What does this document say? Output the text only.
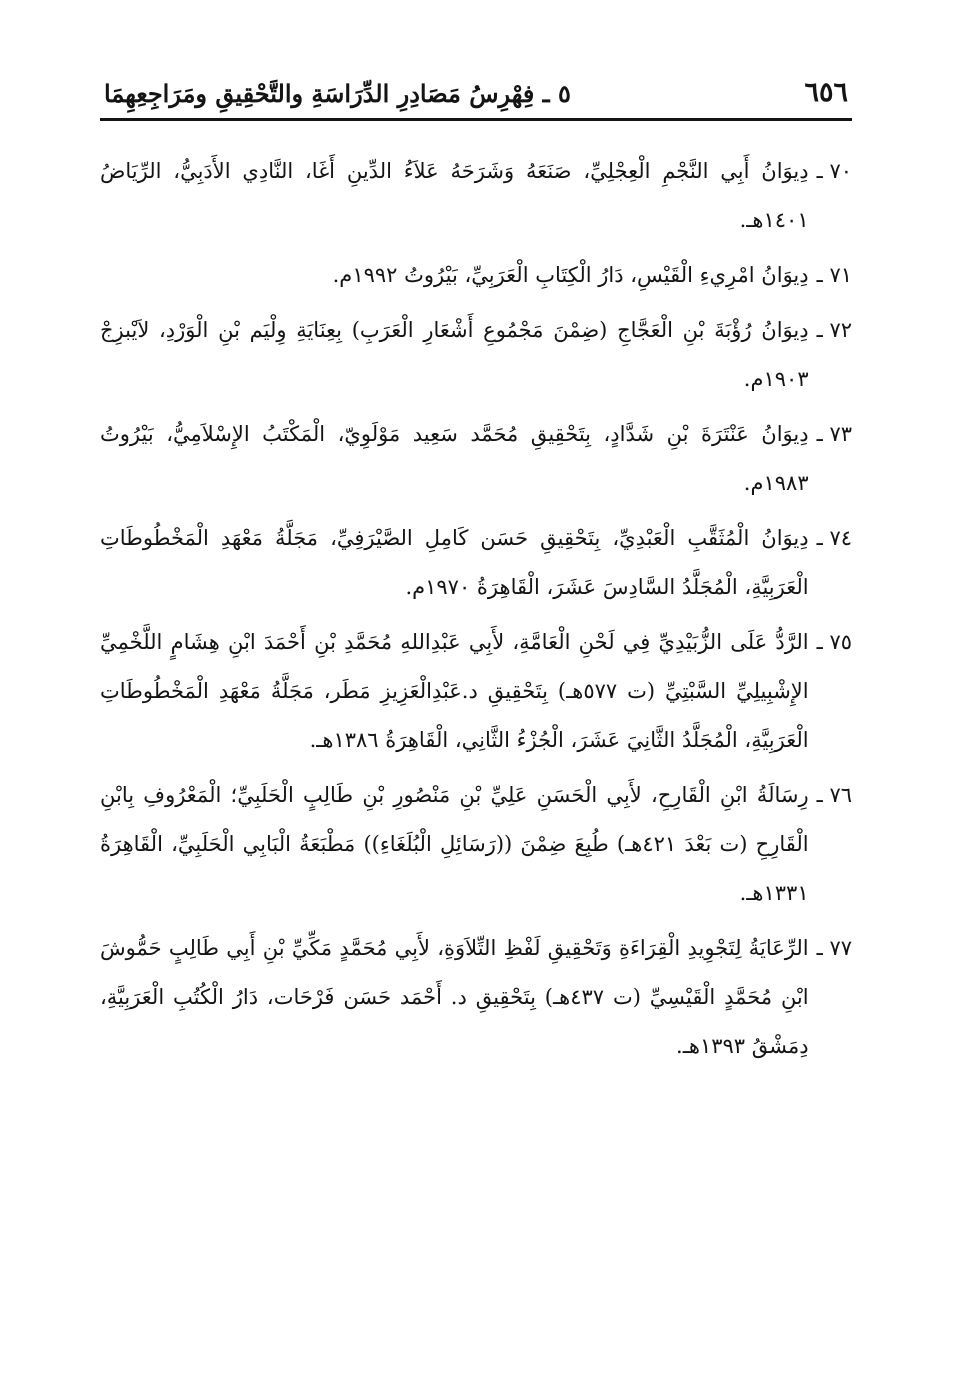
٦٥٦
٥ ـ فِهْرِسُ مَصَادِرِ الدِّرَاسَةِ والتَّحْقِيقِ ومَرَاجِعِهِمَا
٧٠ ـ
دِيوَانُ أَبِي النَّجْمِ الْعِجْلِيِّ، صَنَعَهُ وَشَرَحَهُ عَلاَءُ الدِّينِ أَغَا، النَّادِي الأَدَبِيُّ، الرِّيَاضُ ١٤٠١هـ.
٧١ ـ
دِيوَانُ امْرِيءِ الْقَيْسِ، دَارُ الْكِتَابِ الْعَرَبِيِّ، بَيْرُوتُ ١٩٩٢م.
٧٢ ـ
دِيوَانُ رُؤْبَةَ بْنِ الْعَجَّاجِ (ضِمْنَ مَجْمُوعِ أَشْعَارِ الْعَرَبِ) بِعِنَايَةِ وِلْيَم بْنِ الْوَرْدِ، لاَيْبزِجْ ١٩٠٣م.
٧٣ ـ
دِيوَانُ عَنْتَرَةَ بْنِ شَدَّادٍ، بِتَحْقِيقِ مُحَمَّد سَعِيد مَوْلَوِيّ، الْمَكْتَبُ الإِسْلاَمِيُّ، بَيْرُوتُ ١٩٨٣م.
٧٤ ـ
دِيوَانُ الْمُثَقَّبِ الْعَبْدِيِّ، بِتَحْقِيقِ حَسَن كَامِلِ الصَّيْرَفِيِّ، مَجَلَّةُ مَعْهَدِ الْمَخْطُوطَاتِ الْعَرَبِيَّةِ، الْمُجَلَّدُ السَّادِسَ عَشَرَ، الْقَاهِرَةُ ١٩٧٠م.
٧٥ ـ
الرَّدُّ عَلَى الزُّبَيْدِيِّ فِي لَحْنِ الْعَامَّةِ، لأَبِي عَبْدِاللهِ مُحَمَّدِ بْنِ أَحْمَدَ ابْنِ هِشَامٍ اللَّخْمِيِّ الإِشْبِيلِيِّ السَّبْتِيِّ (ت ٥٧٧هـ) بِتَحْقِيقِ د.عَبْدِالْعَزِيزِ مَطَر، مَجَلَّةُ مَعْهَدِ الْمَخْطُوطَاتِ الْعَرَبِيَّةِ، الْمُجَلَّدُ الثَّانِيَ عَشَرَ، الْجُزْءُ الثَّانِي، الْقَاهِرَةُ ١٣٨٦هـ.
٧٦ ـ
رِسَالَةُ ابْنِ الْقَارِحِ، لأَبِي الْحَسَنِ عَلِيِّ بْنِ مَنْصُورِ بْنِ طَالِبٍ الْحَلَبِيِّ؛ الْمَعْرُوفِ بِابْنِ الْقَارِحِ (ت بَعْدَ ٤٢١هـ) طُبِعَ ضِمْنَ ((رَسَائِلِ الْبُلَغَاءِ)) مَطْبَعَةُ الْبَابِي الْحَلَبِيِّ، الْقَاهِرَةُ ١٣٣١هـ.
٧٧ ـ
الرِّعَايَةُ لِتَجْوِيدِ الْقِرَاءَةِ وَتَحْقِيقِ لَفْظِ التِّلاَوَةِ، لأَبِي مُحَمَّدٍ مَكِّيِّ بْنِ أَبِي طَالِبٍ حَمُّوشَ ابْنِ مُحَمَّدٍ الْقَيْسِيِّ (ت ٤٣٧هـ) بِتَحْقِيقِ د. أَحْمَد حَسَن فَرْحَات، دَارُ الْكُتُبِ الْعَرَبِيَّةِ، دِمَشْقُ ١٣٩٣هـ.
